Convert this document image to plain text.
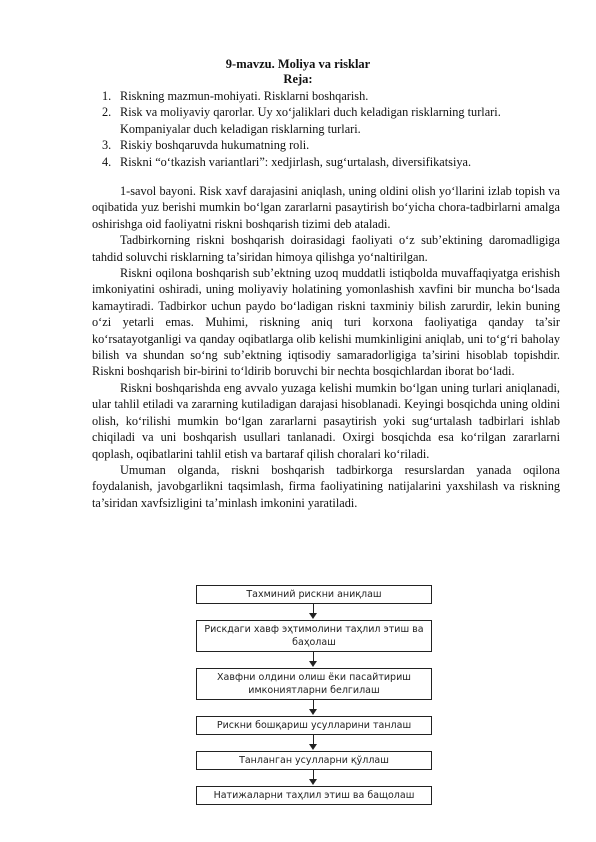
9-mavzu. Moliya va risklar
Reja:
1. Riskning mazmun-mohiyati. Risklarni boshqarish.
2. Risk va moliyaviy qarorlar. Uy xo‘jaliklari duch keladigan risklarning turlari. Kompaniyalar duch keladigan risklarning turlari.
3. Riskiy boshqaruvda hukumatning roli.
4. Riskni “o‘tkazish variantlari”: xedjirlash, sug‘urtalash, diversifikatsiya.

1-savol bayoni. Risk xavf darajasini aniqlash, uning oldini olish yo‘llarini izlab topish va oqibatida yuz berishi mumkin bo‘lgan zararlarni pasaytirish bo‘yicha chora-tadbirlarni amalga oshirishga oid faoliyatni riskni boshqarish tizimi deb ataladi.

Tadbirkorning riskni boshqarish doirasidagi faoliyati o‘z sub’ektining daromadligiga tahdid soluvchi risklarning ta’siridan himoya qilishga yo‘naltirilgan.

Riskni oqilona boshqarish sub’ektning uzoq muddatli istiqbolda muvaffaqiyatga erishish imkoniyatini oshiradi, uning moliyaviy holatining yomonlashish xavfini bir muncha bo‘lsada kamaytiradi. Tadbirkor uchun paydo bo‘ladigan riskni taxminiy bilish zarurdir, lekin buning o‘zi yetarli emas. Muhimi, riskning aniq turi korxona faoliyatiga qanday ta’sir ko‘rsatayotganligi va qanday oqibatlarga olib kelishi mumkinligini aniqlab, uni to‘g‘ri baholay bilish va shundan so‘ng sub’ektning iqtisodiy samaradorligiga ta’sirini hisoblab topishdir. Riskni boshqarish bir-birini to‘ldirib boruvchi bir nechta bosqichlardan iborat bo‘ladi.

Riskni boshqarishda eng avvalo yuzaga kelishi mumkin bo‘lgan uning turlari aniqlanadi, ular tahlil etiladi va zararning kutiladigan darajasi hisoblanadi. Keyingi bosqichda uning oldini olish, ko‘rilishi mumkin bo‘lgan zararlarni pasaytirish yoki sug‘urtalash tadbirlari ishlab chiqiladi va uni boshqarish usullari tanlanadi. Oxirgi bosqichda esa ko‘rilgan zararlarni qoplash, oqibatlarini tahlil etish va bartaraf qilish choralari ko‘riladi.

Umuman olganda, riskni boshqarish tadbirkorga resurslardan yanada oqilona foydalanish, javobgarlikni taqsimlash, firma faoliyatining natijalarini yaxshilash va riskning ta’siridan xavfsizligini ta’minlash imkonini yaratiladi.

Тахминий рискни аниқлаш
Рискдаги хавф эҳтимолини таҳлил этиш ва баҳолаш
Хавфни олдини олиш ёки пасайтириш имкониятларни белгилаш
Рискни бошқариш усулларини танлаш
Танланган усулларни қўллаш
Натижаларни таҳлил этиш ва бащолаш
